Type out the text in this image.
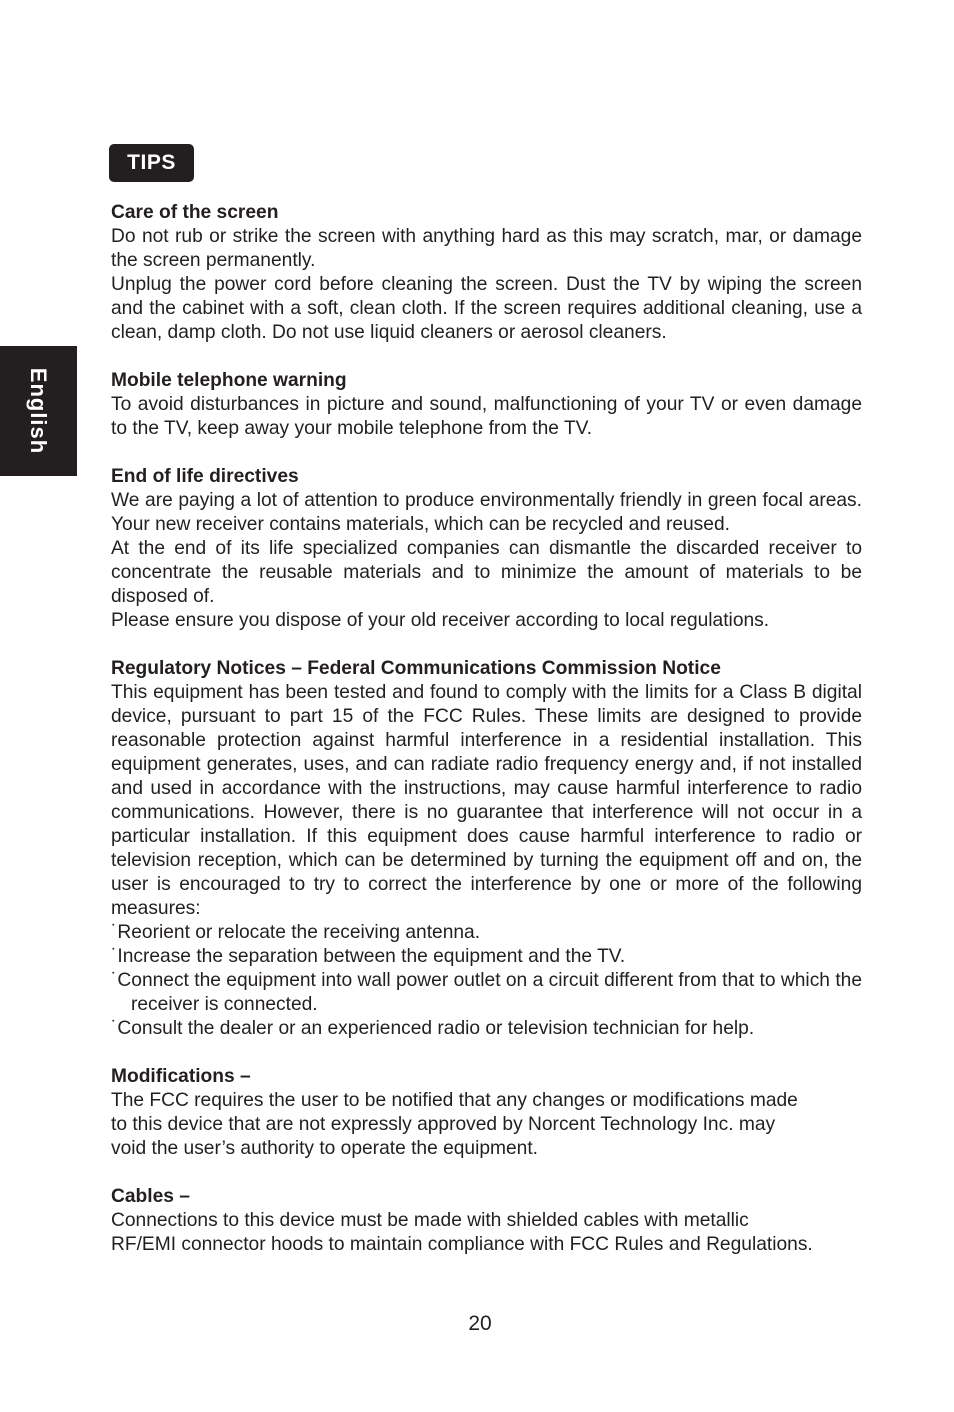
English
TIPS
Care of the screen
Do not rub or strike the screen with anything hard as this may scratch, mar, or damage the screen permanently.
Unplug the power cord before cleaning the screen. Dust the TV by wiping the screen and the cabinet with a soft, clean cloth. If the screen requires additional cleaning, use a clean, damp cloth. Do not use liquid cleaners or aerosol cleaners.
Mobile telephone warning
To avoid disturbances in picture and sound, malfunctioning of your TV or even damage to the TV, keep away your mobile telephone from the TV.
End of life directives
We are paying a lot of attention to produce environmentally friendly in green focal areas. Your new receiver contains materials, which can be recycled and reused.
At the end of its life specialized companies can dismantle the discarded receiver to concentrate the reusable materials and to minimize the amount of materials to be disposed of.
Please ensure you dispose of your old receiver according to local regulations.
Regulatory Notices – Federal Communications Commission Notice
This equipment has been tested and found to comply with the limits for a Class B digital device, pursuant to part 15 of the FCC Rules. These limits are designed to provide reasonable protection against harmful interference in a residential installation. This equipment generates, uses, and can radiate radio frequency energy and, if not installed and used in accordance with the instructions, may cause harmful interference to radio communications. However, there is no guarantee that interference will not occur in a particular installation. If this equipment does cause harmful interference to radio or television reception, which can be determined by turning the equipment off and on, the user is encouraged to try to correct the interference by one or more of the following measures:
˙Reorient or relocate the receiving antenna.
˙Increase the separation between the equipment and the TV.
˙Connect the equipment into wall power outlet on a circuit different from that to which the receiver is connected.
˙Consult the dealer or an experienced radio or television technician for help.
Modifications –
The FCC requires the user to be notified that any changes or modifications made
to this device that are not expressly approved by Norcent Technology Inc. may
void the user’s authority to operate the equipment.
Cables –
Connections to this device must be made with shielded cables with metallic
RF/EMI connector hoods to maintain compliance with FCC Rules and Regulations.
20
